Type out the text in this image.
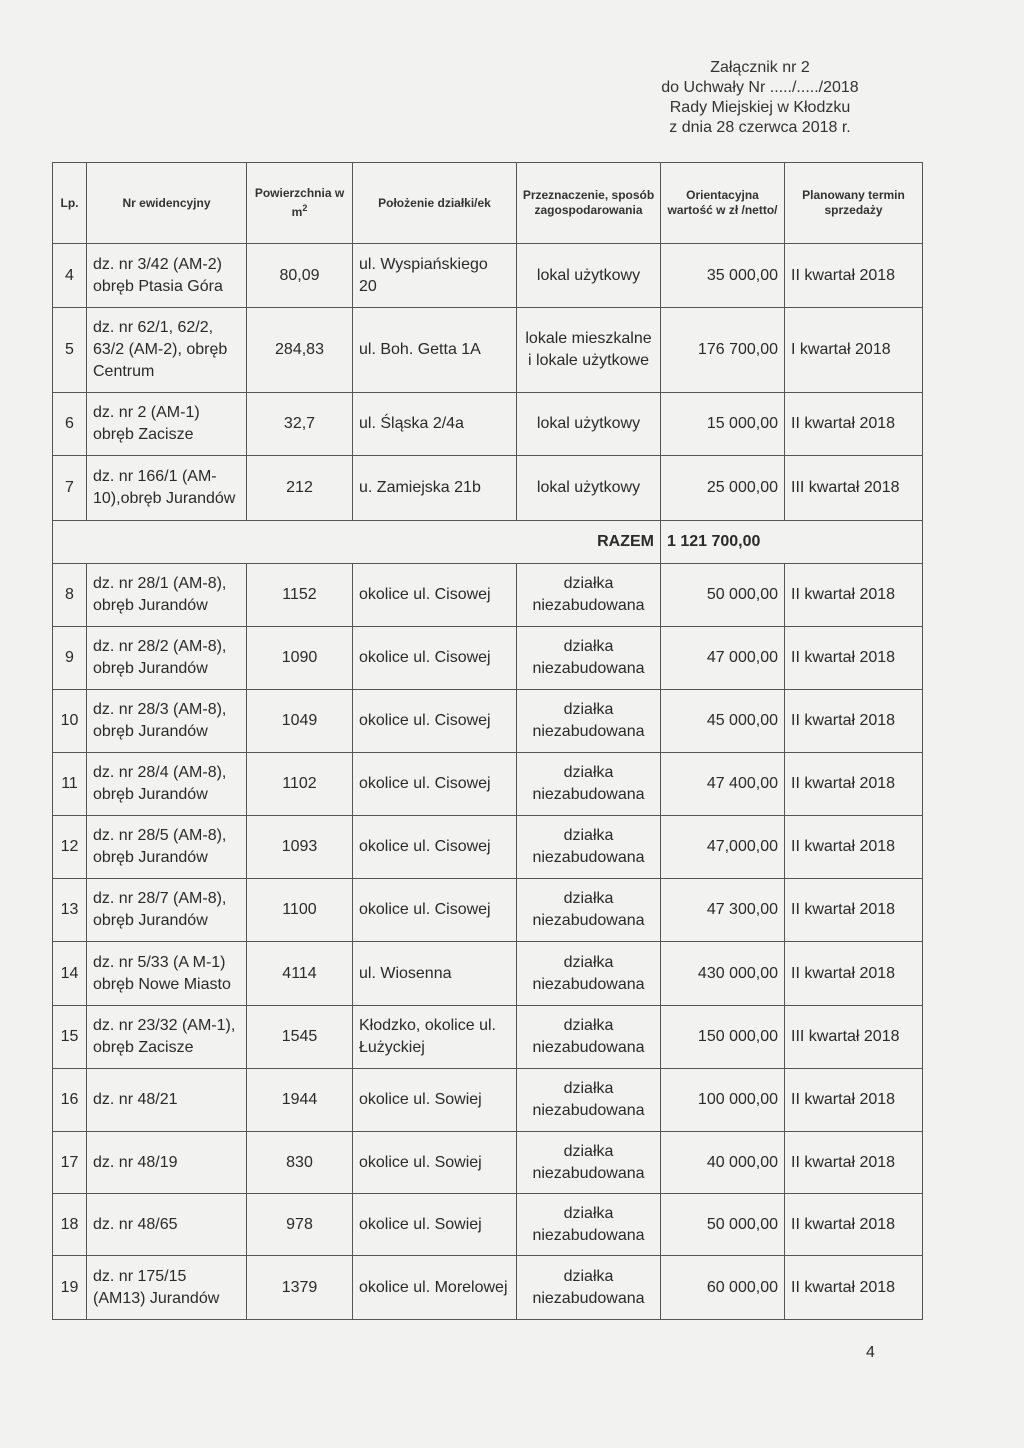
Załącznik nr 2
do Uchwały Nr ...../...../2018
Rady Miejskiej w Kłodzku
z dnia 28 czerwca 2018 r.
Lp.	Nr ewidencyjny	Powierzchnia w $m^2$	Położenie działki/ek	Przeznaczenie, sposób zagospodarowania	Orientacyjna wartość w zł /netto/	Planowany termin sprzedaży
4	dz. nr 3/42 (AM-2) obręb Ptasia Góra	80,09	ul. Wyspiańskiego 20	lokal użytkowy	35 000,00	II kwartał 2018
5	dz. nr 62/1, 62/2, 63/2 (AM-2), obręb Centrum	284,83	ul. Boh. Getta 1A	lokale mieszkalne i lokale użytkowe	176 700,00	I kwartał 2018
6	dz. nr 2 (AM-1) obręb Zacisze	32,7	ul. Śląska 2/4a	lokal użytkowy	15 000,00	II kwartał 2018
7	dz. nr 166/1 (AM-10),obręb Jurandów	212	u. Zamiejska 21b	lokal użytkowy	25 000,00	III kwartał 2018
RAZEM					1 121 700,00	
8	dz. nr 28/1 (AM-8), obręb Jurandów	1152	okolice ul. Cisowej	działka niezabudowana	50 000,00	II kwartał 2018
9	dz. nr 28/2 (AM-8), obręb Jurandów	1090	okolice ul. Cisowej	działka niezabudowana	47 000,00	II kwartał 2018
10	dz. nr 28/3 (AM-8), obręb Jurandów	1049	okolice ul. Cisowej	działka niezabudowana	45 000,00	II kwartał 2018
11	dz. nr 28/4 (AM-8), obręb Jurandów	1102	okolice ul. Cisowej	działka niezabudowana	47 400,00	II kwartał 2018
12	dz. nr 28/5 (AM-8), obręb Jurandów	1093	okolice ul. Cisowej	działka niezabudowana	47,000,00	II kwartał 2018
13	dz. nr 28/7 (AM-8), obręb Jurandów	1100	okolice ul. Cisowej	działka niezabudowana	47 300,00	II kwartał 2018
14	dz. nr 5/33 (A M-1) obręb Nowe Miasto	4114	ul. Wiosenna	działka niezabudowana	430 000,00	II kwartał 2018
15	dz. nr 23/32 (AM-1), obręb Zacisze	1545	Kłodzko, okolice ul. Łużyckiej	działka niezabudowana	150 000,00	III kwartał 2018
16	dz. nr 48/21	1944	okolice ul. Sowiej	działka niezabudowana	100 000,00	II kwartał 2018
17	dz. nr 48/19	830	okolice ul. Sowiej	działka niezabudowana	40 000,00	II kwartał 2018
18	dz. nr 48/65	978	okolice ul. Sowiej	działka niezabudowana	50 000,00	II kwartał 2018
19	dz. nr 175/15 (AM13) Jurandów	1379	okolice ul. Morelowej	działka niezabudowana	60 000,00	II kwartał 2018
4
